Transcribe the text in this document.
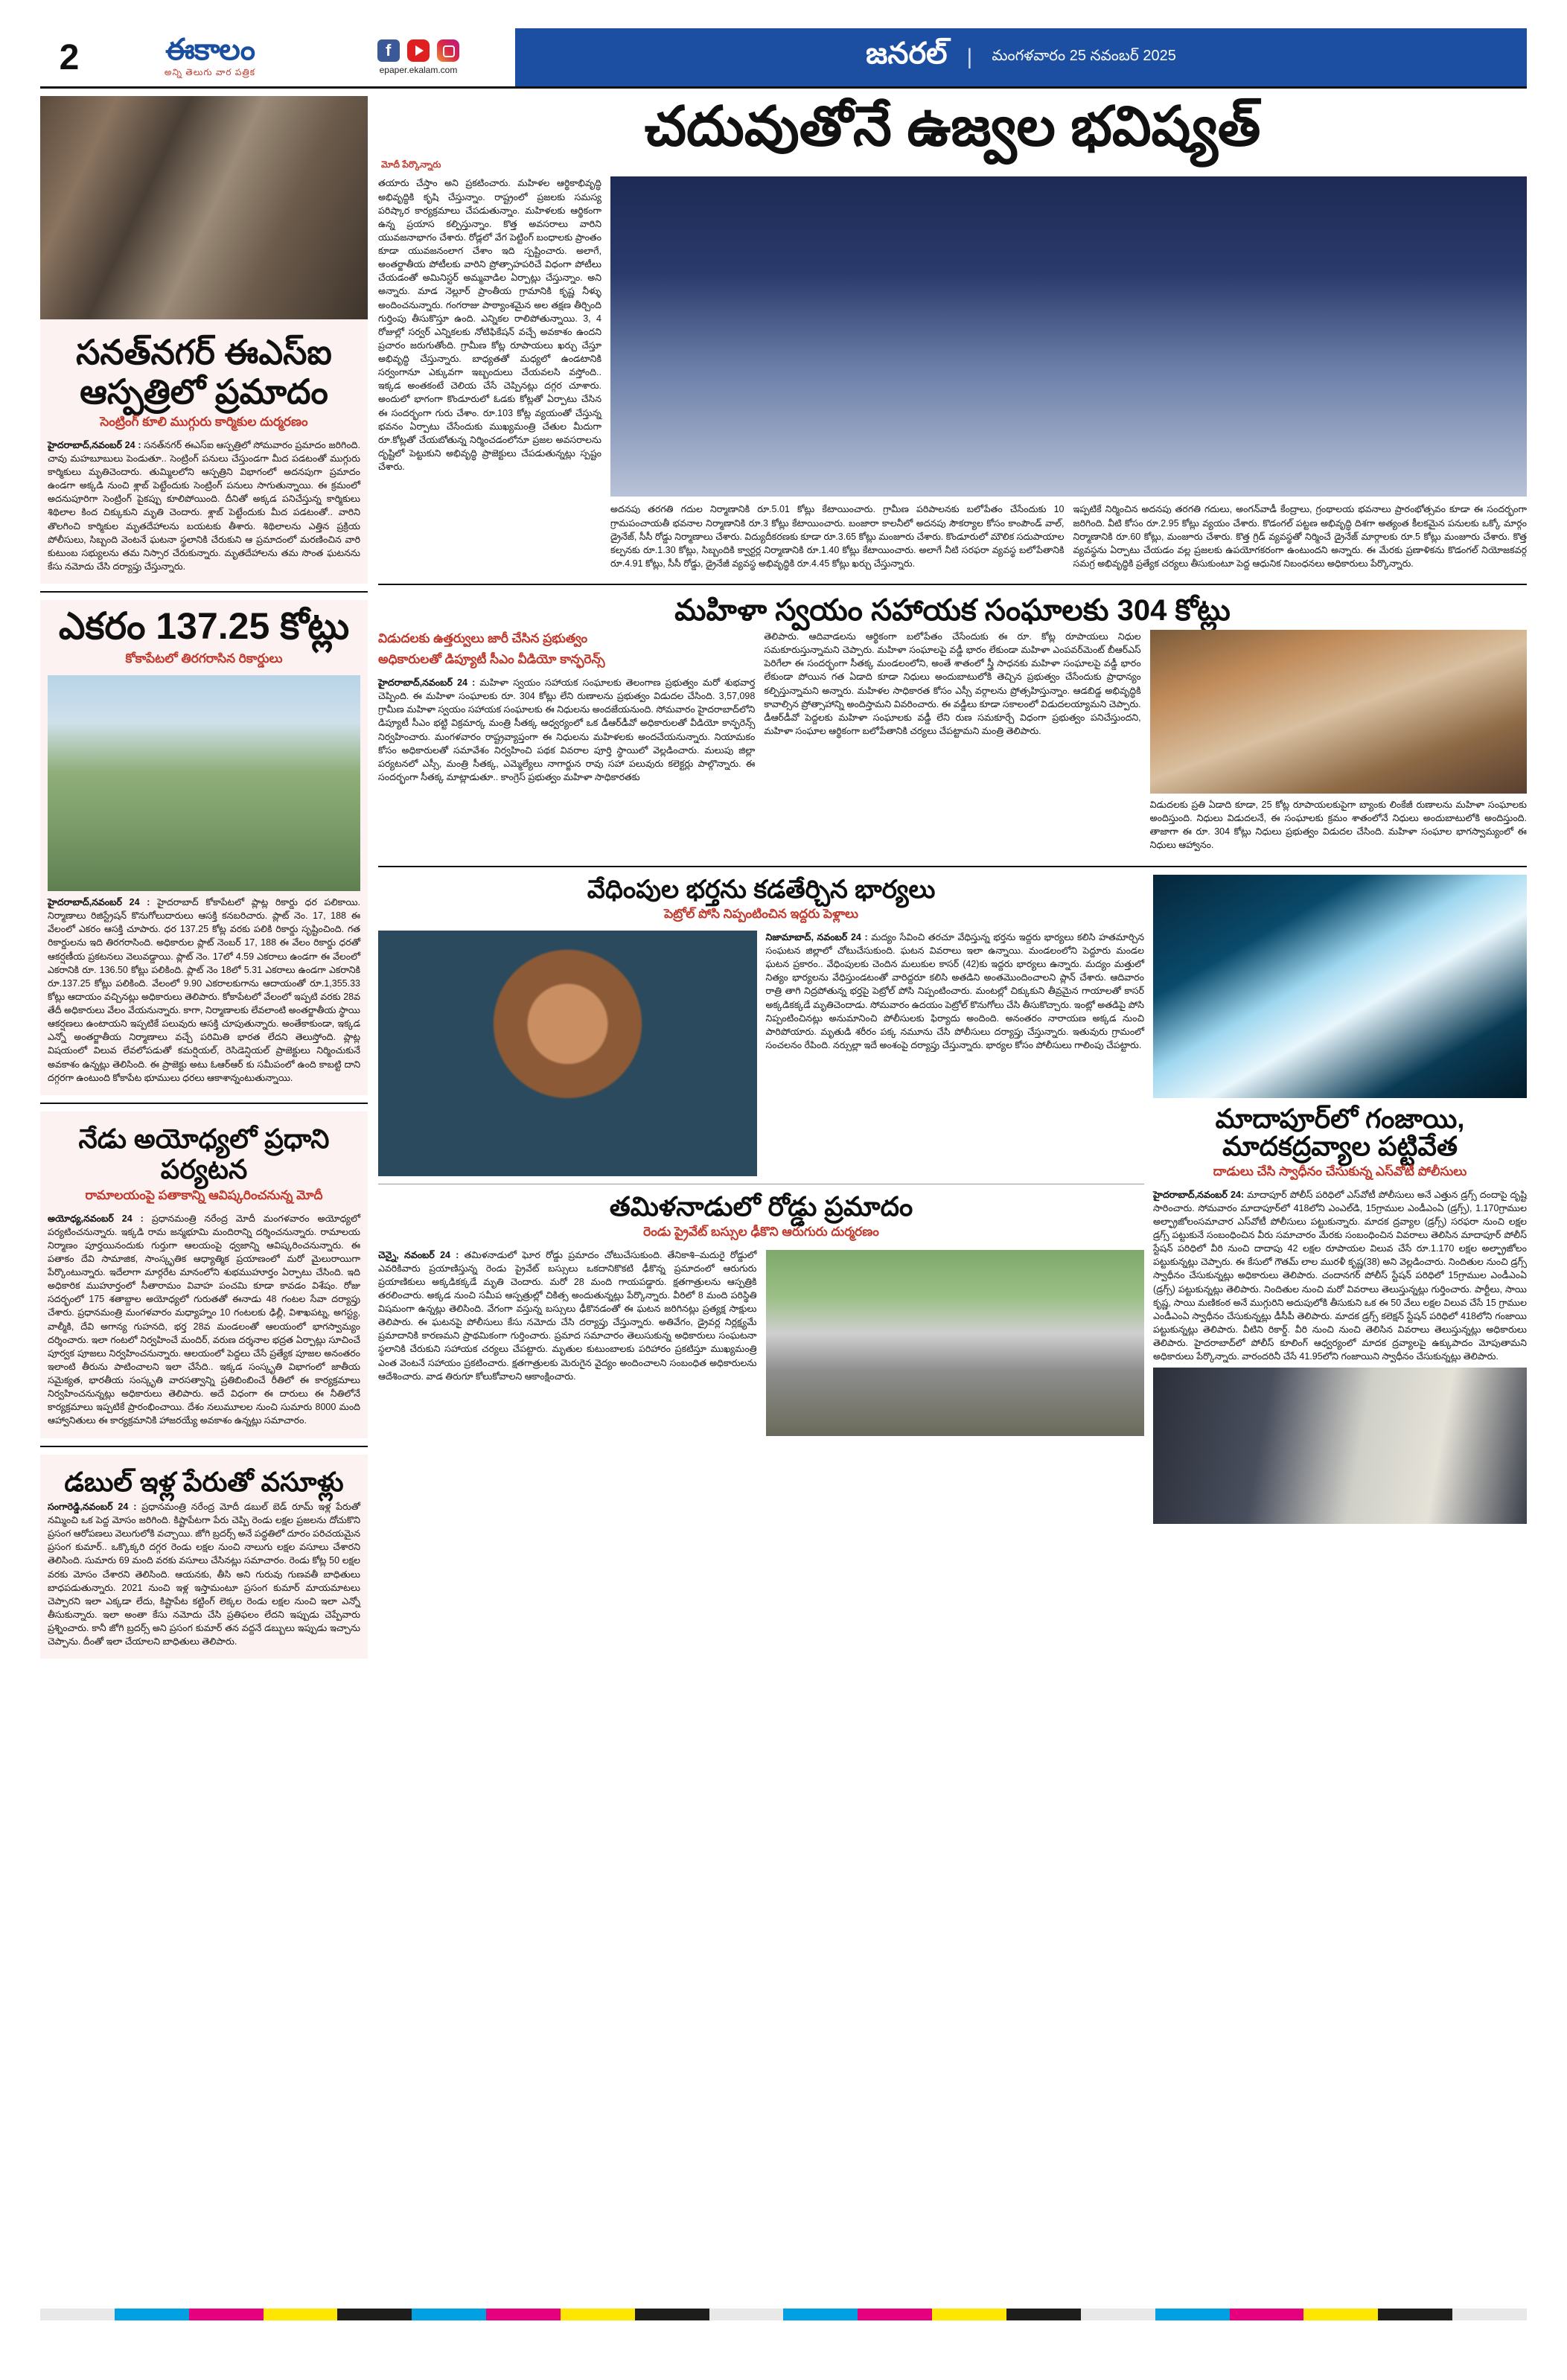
2	ఈకాలం
అన్ని తెలుగు వార పత్రిక
f	epaper.ekalam.com
జనరల్ | మంగళవారం 25 నవంబర్ 2025
సనత్‌నగర్ ఈఎస్‌ఐ ఆస్పత్రిలో ప్రమాదం
సెంట్రింగ్ కూలి ముగ్గురు కార్మికుల దుర్మరణం

హైదరాబాద్,నవంబర్ 24 : సనత్‌నగర్ ఈఎస్‌ఐ ఆస్పత్రిలో సోమవారం ప్రమాదం జరిగింది. చావు మహబూబులు పెండుతూ.. సెంట్రింగ్ పనులు చేస్తుండగా మీద పడటంతో ముగ్గురు కార్మికులు మృతిచెందారు. తుమ్మిలలోని ఆస్పత్రిని విభాగంలో అదనపుగా ప్రమాదం ఉండగా అక్కడి నుంచి శ్లాబ్ పెట్టేందుకు సెంట్రింగ్ పనులు సాగుతున్నాయి. ఈ క్రమంలో అదనుపూరిగా సెంట్రింగ్ పైకప్పు కూలిపోయింది. దీనితో అక్కడ పనిచేస్తున్న కార్మికులు శిథిలాల కింద చిక్కుకుని మృతి చెందారు. శ్లాబ్ పెట్టేందుకు మీద పడటంతో.. వారిని తొలగించి కార్మికుల మృతదేహాలను బయటకు తీశారు. శిథిలాలను ఎత్తిన ప్రక్రియ పోలీసులు, సిబ్బంది వెంటనే ఘటనా స్థలానికి చేరుకుని ఆ ప్రమాదంలో మరణించిన వారి కుటుంబ సభ్యులను తమ నిస్సార చేరుకున్నారు. మృతదేహాలను తమ సొంత ఘటనను కేసు నమోదు చేసి దర్యాప్తు చేస్తున్నారు.

ఎకరం 137.25 కోట్లు
కోకాపేటలో తిరగరాసిన రికార్డులు

హైదరాబాద్,నవంబర్ 24 : హైదరాబాద్ కోకాపేటలో ప్లాట్ల రికార్డు ధర పలికాయి. నిర్మాణాలు రిజిస్ట్రేషన్ కొనుగోలుదారులు ఆసక్తి కనబరిచారు. ప్లాట్ నెం. 17, 188 ఈ వేలంలో ఎకరం ఆసక్తి చూపారు. ధర 137.25 కోట్ల వరకు పలికి రికార్డు సృష్టించింది. గత రికార్డులను ఇది తిరగరాసింది. అధికారుల ప్లాట్ నెంబర్ 17, 188 ఈ వేలం రికార్డు ధరతో ఆకర్షణీయ ప్రకటనలు వెలువడ్డాయి. ప్లాట్ నెం. 17లో 4.59 ఎకరాలు ఉండగా ఈ వేలంలో ఎకరానికి రూ. 136.50 కోట్లు పలికింది. ప్లాట్ నెం 18లో 5.31 ఎకరాలు ఉండగా ఎకరానికి రూ.137.25 కోట్లు పలికింది. వేలంలో 9.90 ఎకరాలకుగాను ఆదాయంతో రూ.1,355.33 కోట్లు ఆదాయం వచ్చినట్లు అధికారులు తెలిపారు. కోకాపేటలో వేలంలో ఇప్పటి వరకు 28వ తేదీ అధికారులు వేలం వేయనున్నారు. కాగా, నిర్మాణాలకు లేవలాంటి అంతర్జాతీయ స్థాయి ఆకర్షణలు ఉంటాయని ఇప్పటికే పలువురు ఆసక్తి చూపుతున్నారు. అంతేకాకుండా, ఇక్కడ ఎన్నో అంతర్జాతీయ నిర్మాణాలు వచ్చే పరిమితి భారత లేదని తెలుస్తోంది. ప్లాట్ల విషయంలో విలువ లేవలోపడుతో కమర్షియల్, రెసిడెన్షియల్ ప్రాజెక్టులు నిర్మించుకునే అవకాశం ఉన్నట్లు తెలిసింది. ఈ ప్రాజెక్టు అటు ఓఆర్ఆర్ కు సమీపంలో ఉంది కాబట్టి దాని దగ్గరగా ఉంటుంది కోకాపేట భూములు ధరలు ఆకాశాన్నంటుతున్నాయి.

నేడు అయోధ్యలో ప్రధాని పర్యటన
రామాలయంపై పతాకాన్ని ఆవిష్కరించనున్న మోదీ

అయోధ్య,నవంబర్ 24 : ప్రధానమంత్రి నరేంద్ర మోదీ మంగళవారం అయోధ్యలో పర్యటించనున్నారు. ఇక్కడి రామ జన్మభూమి మందిరాన్ని దర్శించనున్నారు. రామాలయ నిర్మాణం పూర్తయినందుకు గుర్తుగా ఆలయంపై ధ్వజాన్ని ఆవిష్కరించనున్నారు. ఈ పతాకం దేవి సామాజిక, సాంస్కృతిక ఆధ్యాత్మిక ప్రయాణంలో మరో మైలురాయిగా పేర్కొంటున్నారు. ఇదేలాగా మార్గరేట మానంలోని శుభముహూర్తం ఏర్పాటు చేసింది. ఇది అధికారిక ముహూర్తంలో సీతారామం వివాహ పంచమి కూడా కావడం విశేషం. రోజు సదర్భంలో 175 శతాబ్దాల అయోధ్యలో గురుతతో ఈనాడు 48 గంటల సేవా దర్యాప్తు చేశారు. ప్రధానమంత్రి మంగళవారం మధ్యాహ్నం 10 గంటలకు ఢిల్లీ, విశాఖపట్న, అగస్ట్య, వాల్మీకి, దేవి అగాన్య గుహనది, భర్త 28వ మండలంతో ఆలయంలో భాగస్వామ్యం దర్శించారు. ఇలా గంటలో నిర్వహించే మందిర్, వరుణ దర్శనాల భద్రత ఏర్పాట్లు సూచించే పూర్వక పూజలు నిర్వహించనున్నారు. ఆలయంలో పెద్దలు చేసే ప్రత్యేక పూజల అనంతరం ఇలాంటి తీరును పాటించాలని ఇలా చేసేది.. ఇక్కడ సంస్కృతి విభాగంలో జాతీయ సమైక్యత, భారతీయ సంస్కృతి వారసత్వాన్ని ప్రతిబింబించే రీతిలో ఈ కార్యక్రమాలు నిర్వహించనున్నట్లు అధికారులు తెలిపారు. అదే విధంగా ఈ దారులు ఈ నీతిలోనే కార్యక్రమాలు ఇప్పటికే ప్రారంభించాయి. దేశం నలుమూలల నుంచి సుమారు 8000 మంది ఆహ్వానితులు ఈ కార్యక్రమానికి హాజరయ్యే అవకాశం ఉన్నట్లు సమాచారం.

డబుల్ ఇళ్ల పేరుతో వసూళ్లు

సంగారెడ్డి,నవంబర్ 24 : ప్రధానమంత్రి నరేంద్ర మోదీ డబుల్ బెడ్ రూమ్ ఇళ్ల పేరుతో నమ్మించి ఒక పెద్ద మోసం జరిగింది. కిష్టాపేటగా పేరు చెప్పి రెండు లక్షల ప్రజలను దోచుకొని ప్రసంగ ఆరోపణలు వెలుగులోకి వచ్చాయి. జోగి బ్రదర్స్ అనే పద్ధతిలో దూరం పరిచయమైన ప్రసంగ కుమార్.. ఒక్కొక్కరి దగ్గర రెండు లక్షల నుంచి నాలుగు లక్షల వసూలు చేశారని తెలిసింది. సుమారు 69 మంది వరకు వసూలు చేసినట్లు సమాచారం. రెండు కోట్ల 50 లక్షల వరకు మోసం చేశారని తెలిసింది. ఆయనకు, తీసి అని గురువు గుణవతీ బాధితులు బాధపడుతున్నారు. 2021 నుంచి ఇళ్ల ఇస్తామంటూ ప్రసంగ కుమార్ మాయమాటలు చెప్పారని ఇలా ఎక్కడా లేదు, కిష్టాపేట కట్టింగ్ లెక్కల రెండు లక్షల నుంచి ఇలా ఎన్నో తీసుకున్నారు. ఇలా అంతా కేసు నమోదు చేసి ప్రతిఫలం లేదని ఇప్పుడు చెప్పేవారు ప్రశ్నించారు. కానీ జోగి బ్రదర్స్ అని ప్రసంగ కుమార్ తన వద్దనే డబ్బులు ఇప్పుడు ఇచ్చాను చెప్పాను. దీంతో ఇలా చేయాలని బాధితులు తెలిపారు.

చదువుతోనే ఉజ్వల భవిష్యత్
మోదీ పేర్కొన్నారు

తయారు చేస్తాం అని ప్రకటించారు. మహిళల ఆర్థికాభివృద్ధి అభివృద్ధికి కృషి చేస్తున్నాం. రాష్ట్రంలో ప్రజలకు సమస్య పరిష్కార కార్యక్రమాలు చేపడుతున్నాం. మహిళలకు ఆర్థికంగా ఉన్న ప్రయాస కల్పిస్తున్నాం. కొత్త అవసరాలు వారిని యువజనాభాగం చేశారు. రోడ్లలో వేగ పెట్టింగ్ బంధాలకు ప్రాంతం కూడా యువజనంలాగ చేశాం ఇది స్పష్టించారు. అలాగే, అంతర్జాతీయ పోటీలకు వారిని ప్రోత్సాహపరిచే విధంగా పోటీలు చేయడంతో అమినిస్టర్ అమ్మవాడిల ఏర్పాట్లు చేస్తున్నాం. అని అన్నారు. మాడ నెల్లూర్ ప్రాంతీయ గ్రామానికి కృష్ణ నీళ్ళు అందించనున్నారు. గంగరాజు పాఠ్యాంశమైన అల తక్షణ తీర్చింది గుర్తింపు తీసుకొస్తూ ఉంది. ఎన్నికల రాలిపోతున్నాయి. 3, 4 రోజుల్లో సర్వర్ ఎన్నికలకు నోటిఫికేషన్ వచ్చే అవకాశం ఉందని ప్రచారం జరుగుతోంది. గ్రామీణ కోట్ల రూపాయలు ఖర్చు చేస్తూ అభివృద్ధి చేస్తున్నారు. బాధ్యతతో మధ్యలో ఉండటానికి సర్వంగానూ ఎక్కువగా ఇబ్బందులు చేయవలసి వస్తోంది.. ఇక్కడ అంతకంటే చెలియ చేసే చెప్పినట్లు దగ్గర చూశారు. అందులో భాగంగా కొండూరులో ఓడకు కోట్లతో ఏర్పాటు చేసిన ఈ సందర్భంగా గురు చేశాం. రూ.103 కోట్ల వ్యయంతో చేస్తున్న భవనం ఏర్పాటు చేసేందుకు ముఖ్యమంత్రి చేతుల మీదుగా రూ.కోట్లతో చేయబోతున్న నిర్మించడంలోనూ ప్రజల అవసరాలను దృష్టిలో పెట్టుకుని అభివృద్ధి ప్రాజెక్టులు చేపడుతున్నట్లు స్పష్టం చేశారు.

అదనపు తరగతి గదుల నిర్మాణానికి రూ.5.01 కోట్లు కేటాయించారు. గ్రామీణ పరిపాలనకు బలోపేతం చేసేందుకు 10 గ్రామపంచాయతీ భవనాల నిర్మాణానికి రూ.3 కోట్లు కేటాయించారు. బంజారా కాలనీలో అదనపు సౌకర్యాల కోసం కాంపౌండ్ వాల్, డ్రైనేజ్, సీసీ రోడ్డు నిర్మాణాలు చేశారు. విద్యుదీకరణకు కూడా రూ.3.65 కోట్లు మంజూరు చేశారు. కొండూరులో మౌలిక సదుపాయాల కల్పనకు రూ.1.30 కోట్లు, సిబ్బందికి క్వార్టర్ల నిర్మాణానికి రూ.1.40 కోట్లు కేటాయించారు. అలాగే నీటి సరఫరా వ్యవస్థ బలోపేతానికి రూ.4.91 కోట్లు, సీసీ రోడ్డు, డ్రైనేజీ వ్యవస్థ అభివృద్ధికి రూ.4.45 కోట్లు ఖర్చు చేస్తున్నారు.

ఇప్పటికే నిర్మించిన అదనపు తరగతి గదులు, అంగన్‌వాడీ కేంద్రాలు, గ్రంథాలయ భవనాలు ప్రారంభోత్సవం కూడా ఈ సందర్భంగా జరిగింది. వీటి కోసం రూ.2.95 కోట్లు వ్యయం చేశారు. కొడంగల్ పట్టణ అభివృద్ధి దిశగా అత్యంత కీలకమైన పనులకు ఒక్కో మార్గం నిర్మాణానికి రూ.60 కోట్లు, మంజూరు చేశారు. కొత్త గ్రిడ్ వ్యవస్థతో నిర్మించే డ్రైనేజ్ మార్గాలకు రూ.5 కోట్లు మంజూరు చేశారు. కొత్త వ్యవస్థను ఏర్పాటు చేయడం వల్ల ప్రజలకు ఉపయోగకరంగా ఉంటుందని అన్నారు. ఈ మేరకు ప్రణాళికను కొడంగల్ నియోజకవర్గ సమగ్ర అభివృద్ధికి ప్రత్యేక చర్యలు తీసుకుంటూ పెద్ద ఆధునిక నిబంధనలు అధికారులు పేర్కొన్నారు.

మహిళా స్వయం సహాయక సంఘాలకు 304 కోట్లు
విడుదలకు ఉత్తర్వులు జారీ చేసిన ప్రభుత్వం
అధికారులతో డిప్యూటీ సీఎం వీడియో కాన్ఫరెన్స్

హైదరాబాద్,నవంబర్ 24 : మహిళా స్వయం సహాయక సంఘాలకు తెలంగాణ ప్రభుత్వం మరో శుభవార్త చెప్పింది. ఈ మహిళా సంఘాలకు రూ. 304 కోట్లు లేని రుణాలను ప్రభుత్వం విడుదల చేసింది. 3,57,098 గ్రామీణ మహిళా స్వయం సహాయక సంఘాలకు ఈ నిధులను అందజేయనుంది. సోమవారం హైదరాబాద్‌లోని డిప్యూటీ సీఎం భట్టి విక్రమార్క మంత్రి సీతక్క ఆధ్వర్యంలో ఒక డీఆర్‌డీవో అధికారులతో వీడియో కాన్ఫరెన్స్ నిర్వహించారు. మంగళవారం రాష్ట్రవ్యాప్తంగా ఈ నిధులను మహిళలకు అందచేయనున్నారు. నియామకం కోసం అధికారులతో సమావేశం నిర్వహించి పథక వివరాల పూర్తి స్థాయిలో వెల్లడించారు. మలుపు జిల్లా పర్యటనలో ఎస్సీ, మంత్రి సీతక్క, ఎమ్మెల్యేలు నాగార్జున రావు సహా పలువురు కలెక్టర్లు పాల్గొన్నారు. ఈ సందర్భంగా సీతక్క మాట్లాడుతూ.. కాంగ్రెస్ ప్రభుత్వం మహిళా సాధికారతకు

తెలిపారు. ఆదివాడలను ఆర్థికంగా బలోపేతం చేసేందుకు ఈ రూ. కోట్ల రూపాయలు నిధుల సమకూరుస్తున్నామని చెప్పారు. మహిళా సంఘాలపై వడ్డీ భారం లేకుండా మహిళా ఎంపవర్‌మెంట్ బీఆర్ఎస్ పెరిగేలా ఈ సందర్భంగా సీతక్క మండలంలోని, అంతే శాతంలో స్త్రీ సాధనకు మహిళా సంఘాలపై వడ్డీ భారం లేకుండా పోయిన గత ఏడాది కూడా నిధులు అందుబాటులోకి తెచ్చిన ప్రభుత్వం చేసేందుకు ప్రాధాన్యం కల్పిస్తున్నామని అన్నారు. మహిళల సాధికారత కోసం ఎస్సీ వర్గాలను ప్రోత్సహిస్తున్నాం. ఆడబిడ్డ అభివృద్ధికి కావాల్సిన ప్రోత్సాహాన్ని అందిస్తామని వివరించారు. ఈ వడ్డీలు కూడా సకాలంలో విడుదలయ్యామని చెప్పారు. డీఆర్‌డీవో పెద్దలకు మహిళా సంఘాలకు వడ్డీ లేని రుణ సమకూర్చే విధంగా ప్రభుత్వం పనిచేస్తుందని, మహిళా సంఘాల ఆర్థికంగా బలోపేతానికి చర్యలు చేపట్టామని మంత్రి తెలిపారు.

విడుదలకు ప్రతి ఏడాది కూడా, 25 కోట్ల రూపాయలకుపైగా బ్యాంకు లింకేజీ రుణాలను మహిళా సంఘాలకు అందిస్తుంది. నిధులు విడుదలనే, ఈ సంఘాలకు క్రమం శాతంలోనే నిధులు అందుబాటులోకి అందిస్తుంది. తాజాగా ఈ రూ. 304 కోట్లు నిధులు ప్రభుత్వం విడుదల చేసింది. మహిళా సంఘాల భాగస్వామ్యంలో ఈ నిధులు ఆహ్వానం.

వేధింపుల భర్తను కడతేర్చిన భార్యలు
పెట్రోల్ పోసి నిప్పంటించిన ఇద్దరు పెళ్లాలు

నిజామాబాద్, నవంబర్ 24 : మద్యం సేవించి తరచూ వేధిస్తున్న భర్తను ఇద్దరు భార్యలు కలిసి హతమార్చిన సంఘటన జిల్లాలో చోటుచేసుకుంది. ఘటన వివరాలు ఇలా ఉన్నాయి. మండలంలోని పెద్దూరు మండల ఘటన ప్రకారం.. వేధింపులకు చెందిన మలుకుల కాసర్ (42)కు ఇద్దరు భార్యలు ఉన్నారు. మద్యం మత్తులో నిత్యం భార్యలను వేధిస్తుండటంతో వారిద్దరూ కలిసి అతడిని అంతమొందించాలని ప్లాన్ చేశారు. ఆదివారం రాత్రి తాగి నిద్రపోతున్న భర్తపై పెట్రోల్ పోసి నిప్పంటించారు. మంటల్లో చిక్కుకుని తీవ్రమైన గాయాలతో కాసర్ అక్కడికక్కడే మృతిచెందాడు. సోమవారం ఉదయం పెట్రోల్ కొనుగోలు చేసి తీసుకొచ్చారు. ఇంట్లో అతడిపై పోసి నిప్పంటించినట్లు అనుమానించి పోలీసులకు ఫిర్యాదు అందింది. అనంతరం నారాయణ అక్కడ నుంచి పారిపోయారు. మృతుడి శరీరం పక్క నమూను చేసి పోలీసులు దర్యాప్తు చేస్తున్నారు. ఇతువురు గ్రామంలో సంచలనం రేపింది. నర్సుల్లా ఇదే అంశంపై దర్యాప్తు చేస్తున్నారు. భార్యల కోసం పోలీసులు గాలింపు చేపట్టారు.

తమిళనాడులో రోడ్డు ప్రమాదం
రెండు ప్రైవేట్ బస్సుల ఢీకొని ఆరుగురు దుర్మరణం

చెన్నై, నవంబర్ 24 : తమిళనాడులో ఘోర రోడ్డు ప్రమాదం చోటుచేసుకుంది. తేనికాశి–మదురై రోడ్డులో ఎవరికివారు ప్రయాణిస్తున్న రెండు ప్రైవేట్ బస్సులు ఒకదానికొకటి ఢీకొన్న ప్రమాదంలో ఆరుగురు ప్రయాణికులు అక్కడికక్కడే మృతి చెందారు. మరో 28 మంది గాయపడ్డారు. క్షతగాత్రులను ఆస్పత్రికి తరలించారు. అక్కడ నుంచి సమీప ఆస్పత్రుల్లో చికిత్స అందుతున్నట్లు పేర్కొన్నారు. వీరిలో 8 మంది పరిస్థితి విషమంగా ఉన్నట్లు తెలిసింది. వేగంగా వస్తున్న బస్సులు ఢీకొనడంతో ఈ ఘటన జరిగినట్లు ప్రత్యక్ష సాక్షులు తెలిపారు. ఈ ఘటనపై పోలీసులు కేసు నమోదు చేసి దర్యాప్తు చేస్తున్నారు. అతివేగం, డ్రైవర్ల నిర్లక్ష్యమే ప్రమాదానికి కారణమని ప్రాథమికంగా గుర్తించారు. ప్రమాద సమాచారం తెలుసుకున్న అధికారులు సంఘటనా స్థలానికి చేరుకుని సహాయక చర్యలు చేపట్టారు. మృతుల కుటుంబాలకు పరిహారం ప్రకటిస్తూ ముఖ్యమంత్రి ఎంత వెంటనే సహాయం ప్రకటించారు. క్షతగాత్రులకు మెరుగైన వైద్యం అందించాలని సంబంధిత అధికారులను ఆదేశించారు. వాడ తిరుగూ కోలుకోవాలని ఆకాంక్షించారు.

మాదాపూర్‌లో గంజాయి,
మాదకద్రవ్యాల పట్టివేత
దాడులు చేసి స్వాధీనం చేసుకున్న ఎస్‌వోటీ పోలీసులు

హైదరాబాద్,నవంబర్ 24: మాదాపూర్ పోలీస్ పరిధిలో ఎస్‌వోటీ పోలీసులు అనే ఎత్తున డ్రగ్స్ దందాపై దృష్టి సారించారు. సోమవారం మాదాపూర్‌లో 418లోని ఎంఎల్‌డి, 15గ్రాముల ఎండీఎంఏ (డ్రగ్స్), 1.170గ్రాముల అల్ఫ్రాజోలంసమాచార ఎస్‌వోటీ పోలీసులు పట్టుకున్నారు. మాదక ద్రవ్యాల (డ్రగ్స్) సరఫరా నుంచి లక్షల డ్రగ్స్ పట్టుకునే సంబంధించిన వీరు సమాచారం మేరకు సంబంధించిన వివరాలు తెలిసిన మాదాపూర్ పోలీస్ స్టేషన్ పరిధిలో వీరి నుంచి దాదాపు 42 లక్షల రూపాయల విలువ చేసే రూ.1.170 లక్షల అల్ఫ్రాజోలం పట్టుకున్నట్లు చెప్పారు. ఈ కేసులో గౌతమ్ లాల మురళీ కృష్ణ(38) అని వెల్లడించారు. నిందితుల నుంచి డ్రగ్స్ స్వాధీనం చేసుకున్నట్లు అధికారులు తెలిపారు. చందానగర్ పోలీస్ స్టేషన్ పరిధిలో 15గ్రాముల ఎండీఎంఏ (డ్రగ్స్) పట్టుకున్నట్లు తెలిపారు. నిందితుల నుంచి మరో వివరాలు తెలుస్తున్నట్లు గుర్తించారు. పార్టీలు, సాయి కృష్ణ, సాయి మణికంఠ అనే ముగ్గురిని అదుపులోకి తీసుకుని ఒక ఈ 50 వేలు లక్షల విలువ చేసే 15 గ్రాముల ఎండీఎంఏ స్వాధీనం చేసుకున్నట్లు డీసీపీ తెలిపారు. మాదక డ్రగ్స్ కలెక్షన్ స్టేషన్ పరిధిలో 418లోని గంజాయి పట్టుకున్నట్లు తెలిపారు. వీటిని రికార్డ్. వీరి నుంచి నుంచి తెలిసిన వివరాలు తెలుస్తున్నట్లు అధికారులు తెలిపారు. హైదరాబాద్‌లో పోలీస్ కూలింగ్ ఆధ్వర్యంలో మాదక ద్రవ్యాలపై ఉక్కుపాదం మోపుతామని అధికారులు పేర్కొన్నారు. వారందరినీ చేసే 41.95లోని గంజాయిని స్వాధీనం చేసుకున్నట్లు తెలిపారు.
